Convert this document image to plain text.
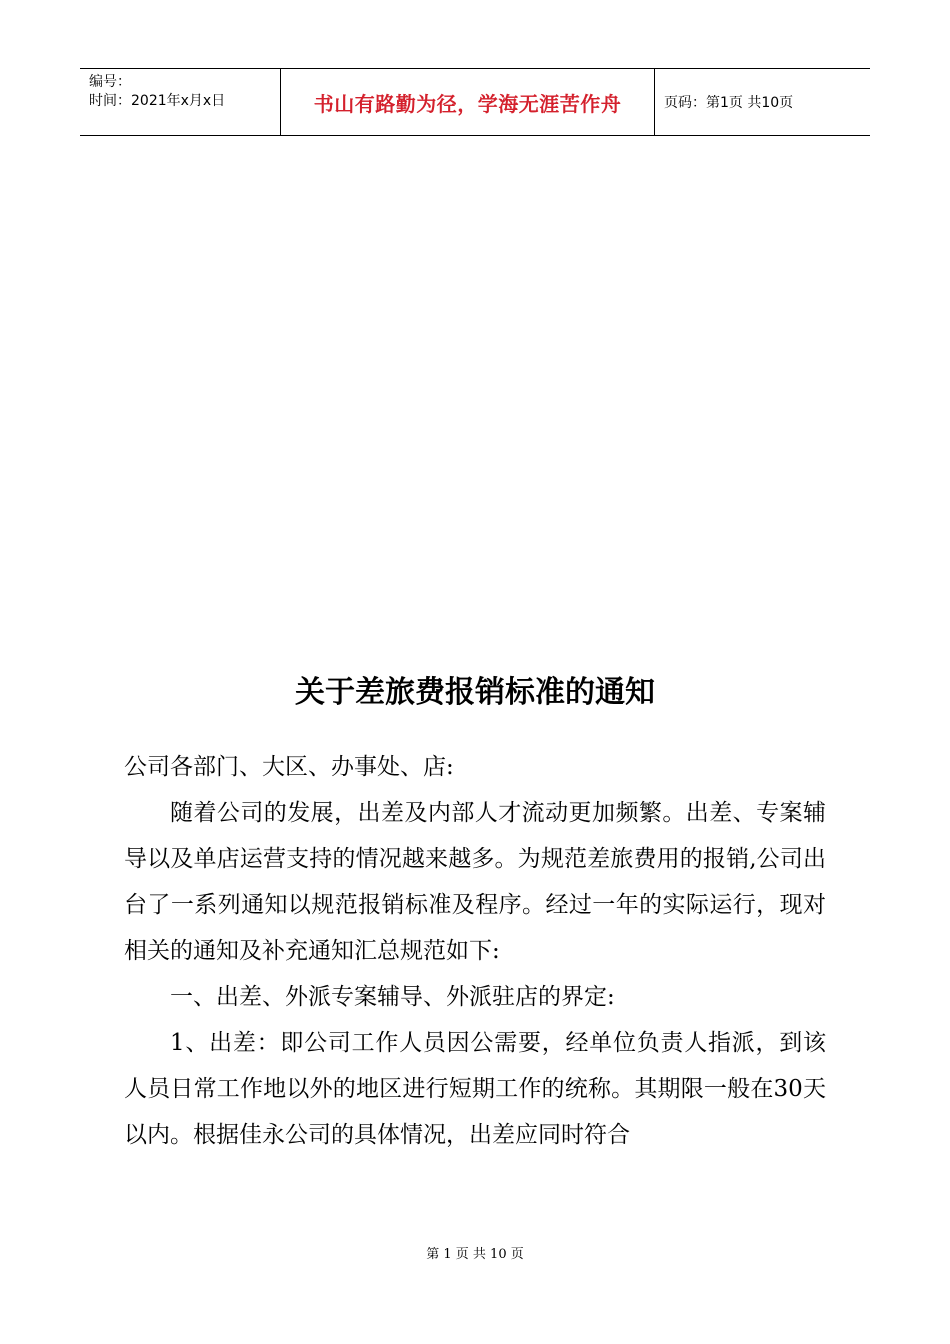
编号：
时间：2021年x月x日	书山有路勤为径，学海无涯苦作舟	页码：第1页 共10页
关于差旅费报销标准的通知

公司各部门、大区、办事处、店:

随着公司的发展，出差及内部人才流动更加频繁。出差、专案辅导以及单店运营支持的情况越来越多。为规范差旅费用的报销,公司出台了一系列通知以规范报销标准及程序。经过一年的实际运行，现对相关的通知及补充通知汇总规范如下:

一、出差、外派专案辅导、外派驻店的界定:

1、出差：即公司工作人员因公需要，经单位负责人指派，到该人员日常工作地以外的地区进行短期工作的统称。其期限一般在30天以内。根据佳永公司的具体情况，出差应同时符合

第 1 页 共 10 页
